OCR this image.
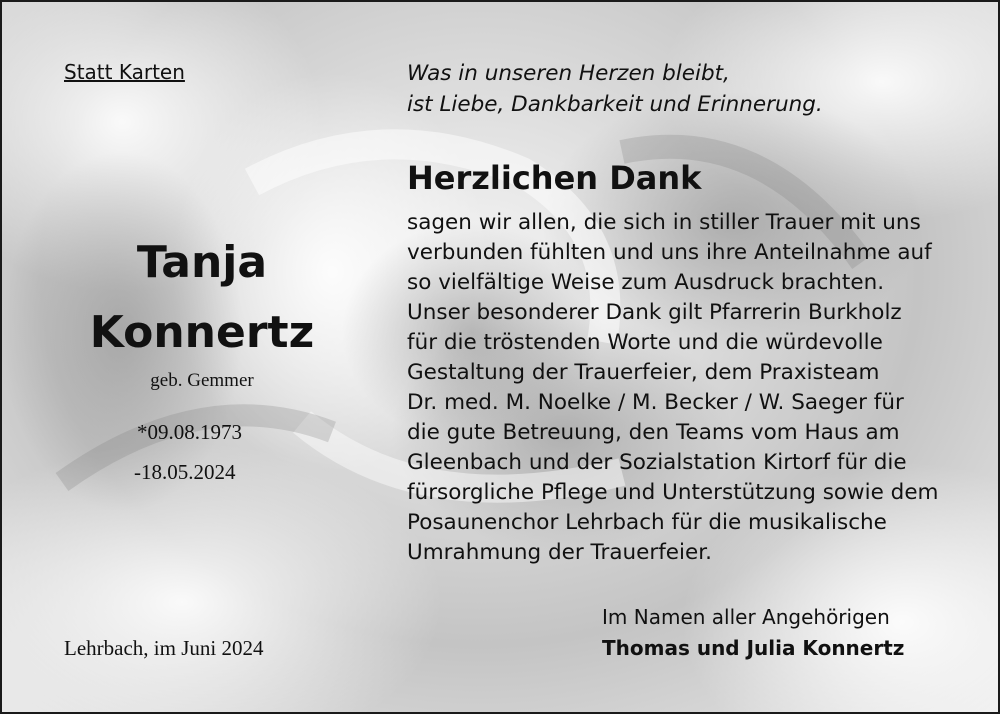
Statt Karten	Was in unseren Herzen bleibt,
ist Liebe, Dankbarkeit und Erinnerung.
Tanja
Konnertz
geb. Gemmer
*09.08.1973
‐18.05.2024
Herzlichen Dank
sagen wir allen, die sich in stiller Trauer mit uns
verbunden fühlten und uns ihre Anteilnahme auf
so vielfältige Weise zum Ausdruck brachten.
Unser besonderer Dank gilt Pfarrerin Burkholz
für die tröstenden Worte und die würdevolle
Gestaltung der Trauerfeier, dem Praxisteam
Dr. med. M. Noelke / M. Becker / W. Saeger für
die gute Betreuung, den Teams vom Haus am
Gleenbach und der Sozialstation Kirtorf für die
fürsorgliche Pflege und Unterstützung sowie dem
Posaunenchor Lehrbach für die musikalische
Umrahmung der Trauerfeier.
Lehrbach, im Juni 2024
Im Namen aller Angehörigen
Thomas und Julia Konnertz
